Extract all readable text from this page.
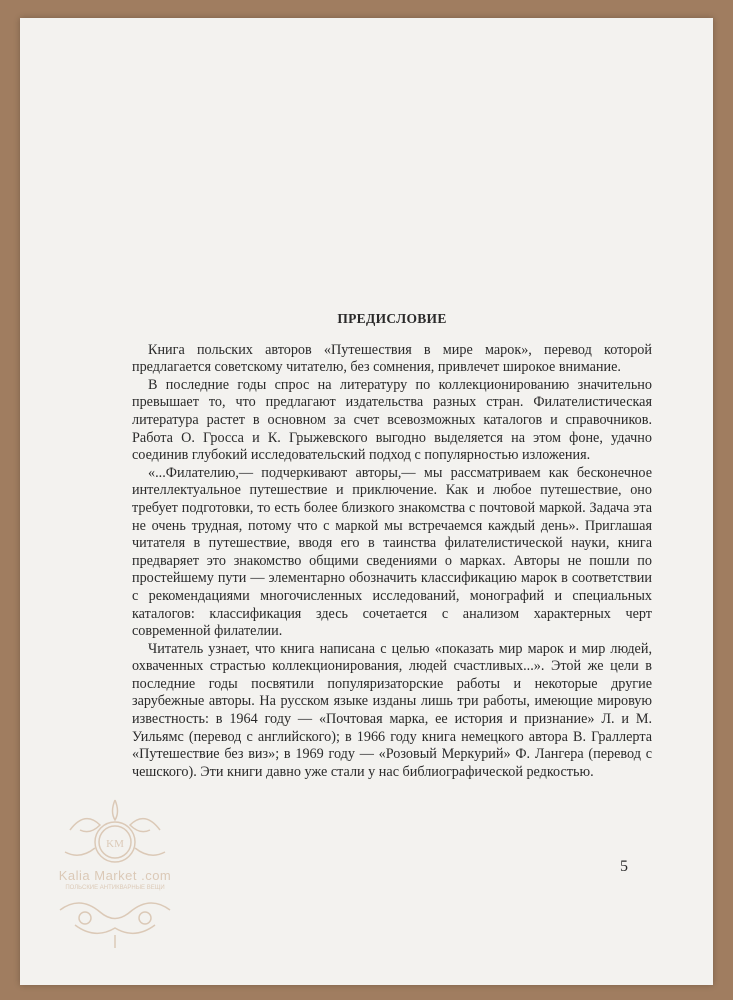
ПРЕДИСЛОВИЕ

Книга польских авторов «Путешествия в мире марок», перевод которой предлагается советскому читателю, без сомнения, привлечет широкое внимание.

В последние годы спрос на литературу по коллекционированию значительно превышает то, что предлагают издательства разных стран. Филателистическая литература растет в основном за счет всевозможных каталогов и справочников. Работа О. Гросса и К. Грыжевского выгодно выделяется на этом фоне, удачно соединив глубокий исследовательский подход с популярностью изложения.

«...Филателию,— подчеркивают авторы,— мы рассматриваем как бесконечное интеллектуальное путешествие и приключение. Как и любое путешествие, оно требует подготовки, то есть более близкого знакомства с почтовой маркой. Задача эта не очень трудная, потому что с маркой мы встречаемся каждый день». Приглашая читателя в путешествие, вводя его в таинства филателистической науки, книга предваряет это знакомство общими сведениями о марках. Авторы не пошли по простейшему пути — элементарно обозначить классификацию марок в соответствии с рекомендациями многочисленных исследований, монографий и специальных каталогов: классификация здесь сочетается с анализом характерных черт современной филателии.

Читатель узнает, что книга написана с целью «показать мир марок и мир людей, охваченных страстью коллекционирования, людей счастливых...». Этой же цели в последние годы посвятили популяризаторские работы и некоторые другие зарубежные авторы. На русском языке изданы лишь три работы, имеющие мировую известность: в 1964 году — «Почтовая марка, ее история и признание» Л. и М. Уильямс (перевод с английского); в 1966 году книга немецкого автора В. Граллерта «Путешествие без виз»; в 1969 году — «Розовый Меркурий» Ф. Лангера (перевод с чешского). Эти книги давно уже стали у нас библиографической редкостью.

5
KM
Kalia Market .com
ПОЛЬСКИЕ АНТИКВАРНЫЕ ВЕЩИ
